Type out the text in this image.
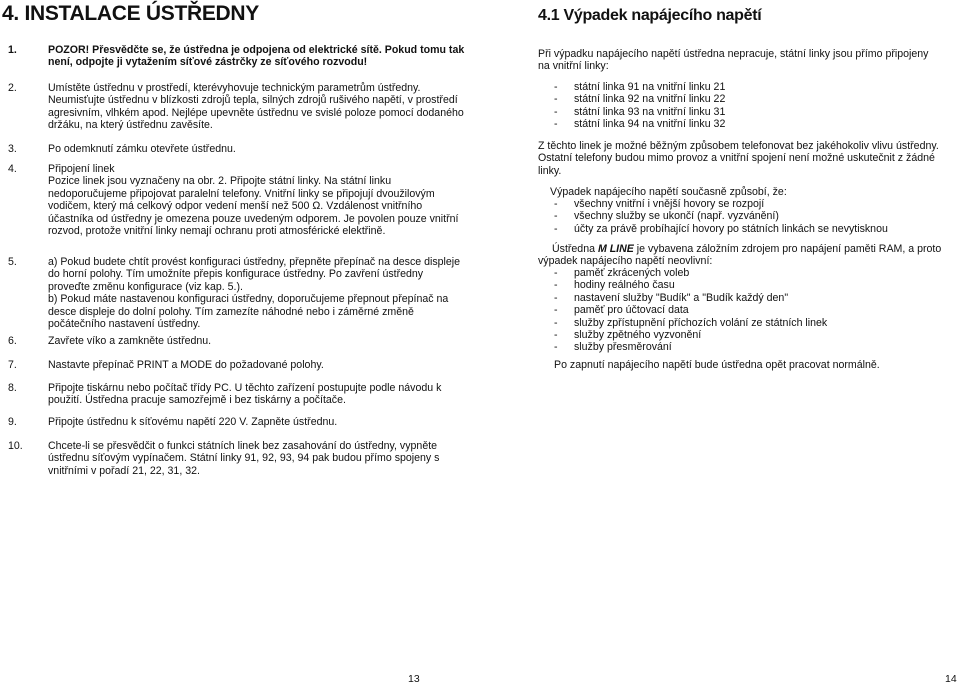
4. INSTALACE ÚSTŘEDNY
1.	POZOR! Přesvědčte se, že ústředna je odpojena od elektrické sítě. Pokud tomu tak není, odpojte ji vytažením síťové zástrčky ze síťového rozvodu!
2.	Umístěte ústřednu v prostředí, kterévyhovuje technickým parametrům ústředny. Neumisťujte ústřednu v blízkosti zdrojů tepla, silných zdrojů rušivého napětí, v prostředí agresivním, vlhkém apod. Nejlépe upevněte ústřednu ve svislé poloze pomocí dodaného držáku, na který ústřednu zavěsíte.
3.	Po odemknutí zámku otevřete ústřednu.
4.	Připojení linek
Pozice linek jsou vyznačeny na obr. 2. Připojte státní linky. Na státní linku nedoporučujeme připojovat paralelní telefony. Vnitřní linky se připojují dvoužilovým vodičem, který má celkový odpor vedení menší než 500 Ω. Vzdálenost vnitřního účastníka od ústředny je omezena pouze uvedeným odporem. Je povolen pouze vnitřní rozvod, protože vnitřní linky nemají ochranu proti atmosférické elektřině.
5.	a) Pokud budete chtít provést konfiguraci ústředny, přepněte přepínač na desce displeje do horní polohy. Tím umožníte přepis konfigurace ústředny. Po zavření ústředny proveďte změnu konfigurace (viz kap. 5.).
b) Pokud máte nastavenou konfiguraci ústředny, doporučujeme přepnout přepínač na desce displeje do dolní polohy. Tím zamezíte náhodné nebo i záměrné změně počátečního nastavení ústředny.
6.	Zavřete víko a zamkněte ústřednu.
7.	Nastavte přepínač PRINT a MODE do požadované polohy.
8.	Připojte tiskárnu nebo počítač třídy PC. U těchto zařízení postupujte podle návodu k použití. Ústředna pracuje samozřejmě i bez tiskárny a počítače.
9.	Připojte ústřednu k síťovému napětí 220 V. Zapněte ústřednu.
10.	Chcete-li se přesvědčit o funkci státních linek bez zasahování do ústředny, vypněte ústřednu síťovým vypínačem. Státní linky 91, 92, 93, 94 pak budou přímo spojeny s vnitřními v pořadí 21, 22, 31, 32.
13
4.1 Výpadek napájecího napětí
Při výpadku napájecího napětí ústředna nepracuje, státní linky jsou přímo připojeny na vnitřní linky:
- státní linka 91 na vnitřní linku 21
- státní linka 92 na vnitřní linku 22
- státní linka 93 na vnitřní linku 31
- státní linka 94 na vnitřní linku 32
Z těchto linek je možné běžným způsobem telefonovat bez jakéhokoliv vlivu ústředny. Ostatní telefony budou mimo provoz a vnitřní spojení není možné uskutečnit z žádné linky.
Výpadek napájecího napětí současně způsobí, že:
- všechny vnitřní i vnější hovory se rozpojí
- všechny služby se ukončí (např. vyzvánění)
- účty za právě probíhající hovory po státních linkách se nevytisknou
Ústředna M LINE je vybavena záložním zdrojem pro napájení paměti RAM, a proto výpadek napájecího napětí neovlivní:
- paměť zkrácených voleb
- hodiny reálného času
- nastavení služby "Budík" a "Budík každý den"
- paměť pro účtovací data
- služby zpřístupnění příchozích volání ze státních linek
- služby zpětného vyzvonění
- služby přesměrování
Po zapnutí napájecího napětí bude ústředna opět pracovat normálně.
14
